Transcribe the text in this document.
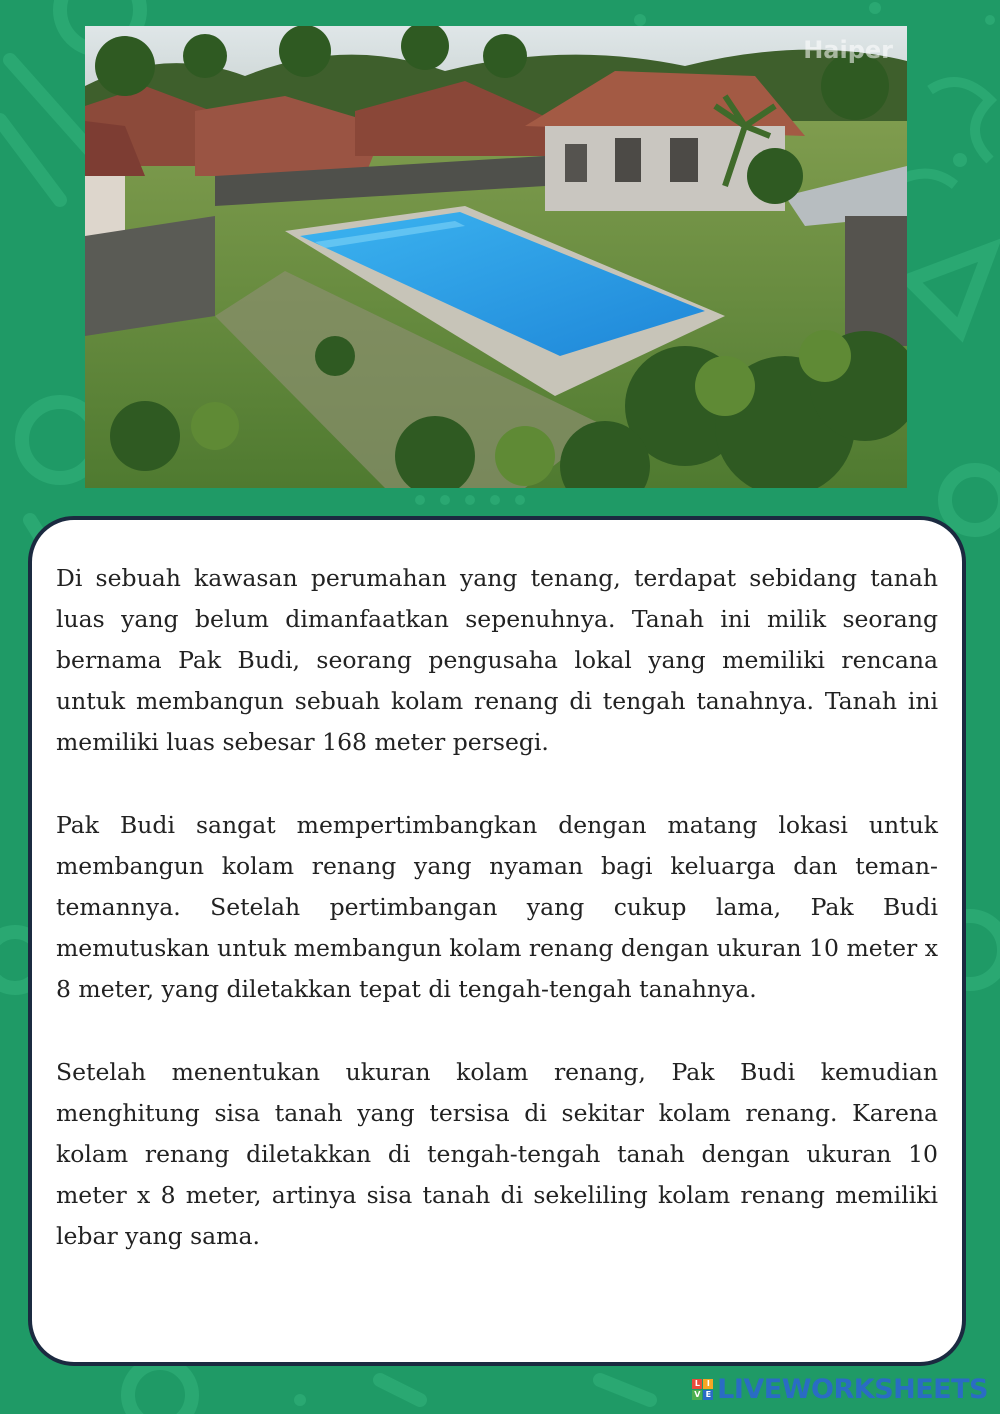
Haiper

Di sebuah kawasan perumahan yang tenang, terdapat sebidang tanah luas yang belum dimanfaatkan sepenuhnya. Tanah ini milik seorang bernama Pak Budi, seorang pengusaha lokal yang memiliki rencana untuk membangun sebuah kolam renang di tengah tanahnya. Tanah ini memiliki luas sebesar 168 meter persegi.

Pak Budi sangat mempertimbangkan dengan matang lokasi untuk membangun kolam renang yang nyaman bagi keluarga dan teman-temannya. Setelah pertimbangan yang cukup lama, Pak Budi memutuskan untuk membangun kolam renang dengan ukuran 10 meter x 8 meter, yang diletakkan tepat di tengah-tengah tanahnya.

Setelah menentukan ukuran kolam renang, Pak Budi kemudian menghitung sisa tanah yang tersisa di sekitar kolam renang. Karena kolam renang diletakkan di tengah-tengah tanah dengan ukuran 10 meter x 8 meter, artinya sisa tanah di sekeliling kolam renang memiliki lebar yang sama.

L I
V E LIVEWORKSHEETS
